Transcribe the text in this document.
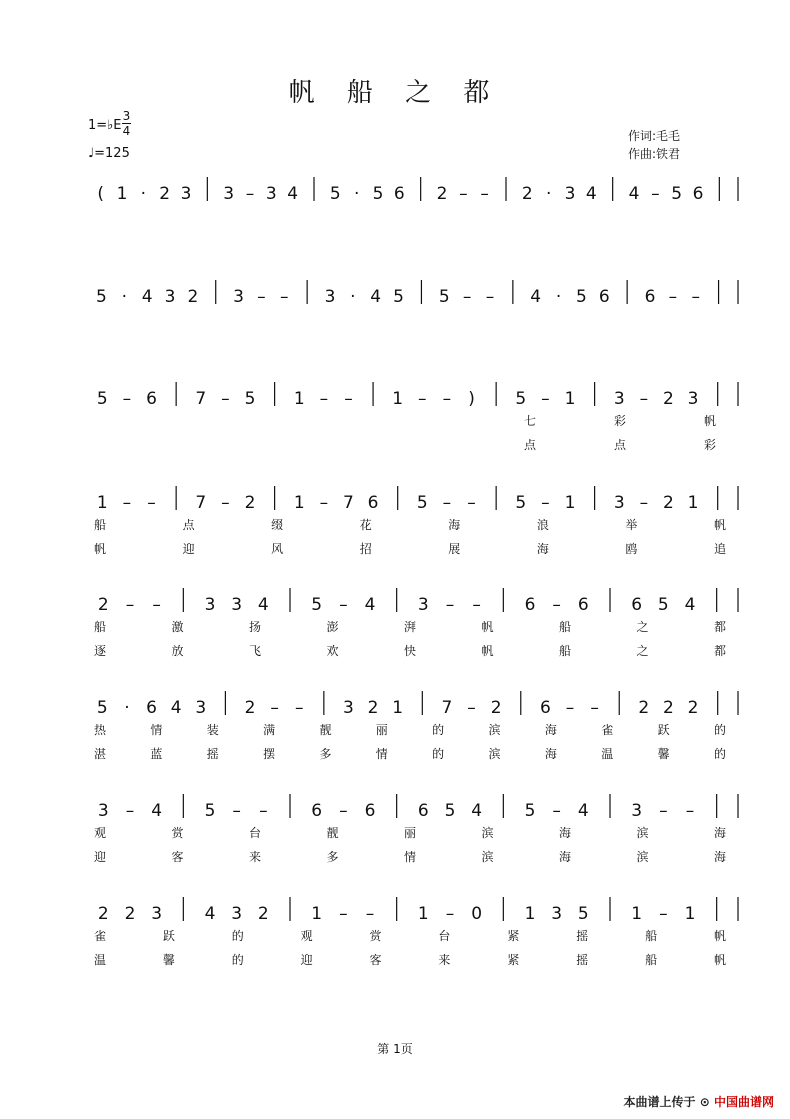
帆 船 之 都
1=♭E
3
4
♩=125
作词:毛毛
作曲:铁君
( 1 · 2 3 3 – 3 4 5 · 5 6 2 – – 2 · 3 4 4 – 5 6
5 · 4 3 2 3 – – 3 · 4 5 5 – – 4 · 5 6 6 – –
5 – 6 7 – 5 1 – – 1 – – ) 5 – 1 3 – 2 3
七	彩	帆
点	点	彩
1 – – 7 – 2 1 – 7 6 5 – – 5 – 1 3 – 2 1
船	点	缀	花	海	浪	举	帆
帆	迎	风	招	展	海	鸥	追
2 – –	3 3 4	5 – 4	3 – –	6 – 6	6 5 4
船	激	扬	澎	湃	帆	船	之	都
逐	放	飞	欢	快	帆	船	之	都
5 · 6 4 3 2 – – 3 2 1 7 – 2 6 – – 2 2 2
热	情	装	满	靓	丽	的	滨	海	雀	跃	的
湛	蓝	摇	摆	多	情	的	滨	海	温	馨	的
3 – 4	5 – –	6 – 6	6 5 4	5 – 4	3 – –
观	赏	台	靓	丽	滨	海	滨	海
迎	客	来	多	情	滨	海	滨	海
2 2 3	4 3 2	1 – –	1 – 0	1 3 5	1 – 1
雀	跃	的	观	赏	台	紧	摇	船	帆
温	馨	的	迎	客	来	紧	摇	船	帆
第 1页
本曲谱上传于 ⊙ 中国曲谱网
